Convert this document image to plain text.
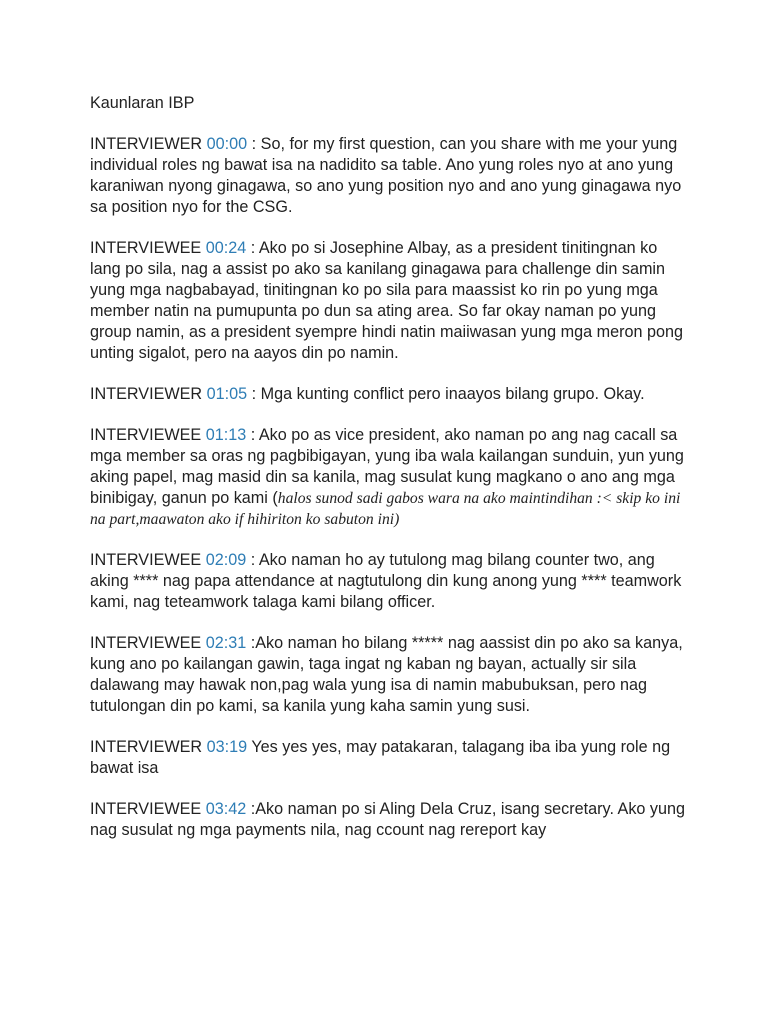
Kaunlaran IBP

INTERVIEWER 00:00 : So, for my first question, can you share with me your yung individual roles ng bawat isa na nadidito sa table. Ano yung roles nyo at ano yung karaniwan nyong ginagawa, so ano yung position nyo and ano yung ginagawa nyo sa position nyo for the CSG.

INTERVIEWEE 00:24 : Ako po si Josephine Albay, as a president tinitingnan ko lang po sila, nag a assist po ako sa kanilang ginagawa para challenge din samin yung mga nagbabayad, tinitingnan ko po sila para maassist ko rin po yung mga member natin na pumupunta po dun sa ating area. So far okay naman po yung group namin, as a president syempre hindi natin maiiwasan yung mga meron pong unting sigalot, pero na aayos din po namin.

INTERVIEWER 01:05 : Mga kunting conflict pero inaayos bilang grupo. Okay.

INTERVIEWEE 01:13 : Ako po as vice president, ako naman po ang nag cacall sa mga member sa oras ng pagbibigayan, yung iba wala kailangan sunduin, yun yung aking papel, mag masid din sa kanila, mag susulat kung magkano o ano ang mga binibigay, ganun po kami (halos sunod sadi gabos wara na ako maintindihan :< skip ko ini na part,maawaton ako if hihiriton ko sabuton ini)

INTERVIEWEE 02:09 : Ako naman ho ay tutulong mag bilang counter two, ang aking **** nag papa attendance at nagtutulong din kung anong yung **** teamwork kami, nag teteamwork talaga kami bilang officer.

INTERVIEWEE 02:31 :Ako naman ho bilang ***** nag aassist din po ako sa kanya, kung ano po kailangan gawin, taga ingat ng kaban ng bayan, actually sir sila dalawang may hawak non,pag wala yung isa di namin mabubuksan, pero nag tutulongan din po kami, sa kanila yung kaha samin yung susi.

INTERVIEWER 03:19 Yes yes yes, may patakaran, talagang iba iba yung role ng bawat isa

INTERVIEWEE 03:42 :Ako naman po si Aling Dela Cruz, isang secretary. Ako yung nag susulat ng mga payments nila, nag ccount nag rereport kay
